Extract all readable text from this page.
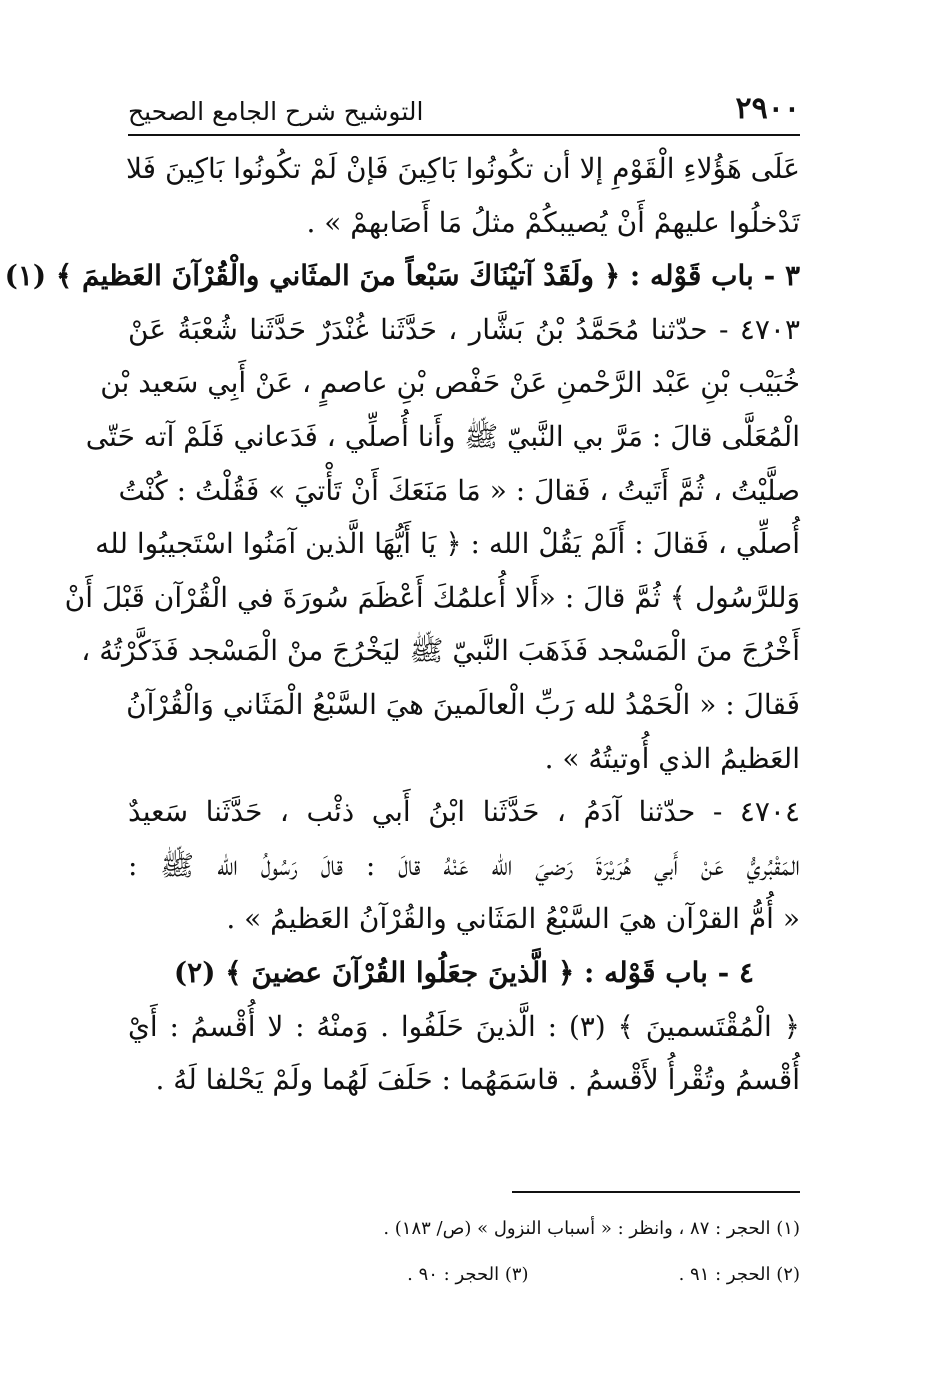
٢٩٠٠
التوشيح شرح الجامع الصحيح
عَلَى هَؤُلاءِ الْقَوْمِ إلا أن تكُونُوا بَاكِينَ فَإنْ لَمْ تكُونُوا بَاكِينَ فَلا
تَدْخلُوا عليهمْ أَنْ يُصيبكُمْ مثلُ مَا أَصَابهمْ » .
٣ - باب قَوْله : ﴿ ولَقَدْ آتيْنَاكَ سَبْعاً منَ المثَاني والْقُرْآنَ العَظيمَ ﴾ (١)
٤٧٠٣ - حدّثنا مُحَمَّدُ بْنُ بَشَّار ، حَدَّثَنا غُنْدَرٌ حَدَّثَنا شُعْبَةُ عَنْ
خُبَيْب بْنِ عَبْد الرَّحْمنِ عَنْ حَفْص بْنِ عاصمٍ ، عَنْ أَبِي سَعيد بْن
الْمُعَلَّى قالَ : مَرَّ بي النَّبيّ ﷺ وأَنا أُصلِّي ، فَدَعاني فَلَمْ آته حَتّى
صلَّيْتُ ، ثُمَّ أَتَيتُ ، فَقالَ : « مَا مَنَعَكَ أَنْ تَأْتيَ » فَقُلْتُ : كُنْتُ
أُصلِّي ، فَقالَ : أَلَمْ يَقُلْ الله : ﴿ يَا أَيُّهَا الَّذين آمَنُوا اسْتَجيبُوا لله
وَللرَّسُول ﴾ ثُمَّ قالَ : «أَلا أُعلمُكَ أَعْظَمَ سُورَةَ في الْقُرْآن قَبْلَ أَنْ
أَخْرُجَ منَ الْمَسْجد فَذَهَبَ النَّبيّ ﷺ ليَخْرُجَ منْ الْمَسْجد فَذَكَّرْتُهُ ،
فَقالَ : « الْحَمْدُ لله رَبِّ الْعالَمينَ هيَ السَّبْعُ الْمَثَاني وَالْقُرْآنُ
العَظيمُ الذي أُوتيتُهُ » .
٤٧٠٤ - حدّثنا آدَمُ ، حَدَّثَنا ابْنُ أَبي ذئْب ، حَدَّثَنا سَعيدٌ
المَقْبُريُّ عَنْ أَبي هُرَيْرَةَ رَضيَ الله عَنْهُ قالَ : قالَ رَسُولُ الله ﷺ :
« أُمُّ القرْآن هيَ السَّبْعُ المَثَاني والقُرْآنُ العَظيمُ » .
٤ - باب قَوْله : ﴿ الَّذينَ جعَلُوا القُرْآنَ عضينَ ﴾ (٢)
﴿ الْمُقْتَسمينَ ﴾ (٣) : الَّذينَ حَلَفُوا . وَمنْهُ : لا أُقْسمُ : أَيْ
أُقْسمُ وتُقْرأُ لأَقْسمُ . قاسَمَهُما : حَلَفَ لَهُما ولَمْ يَحْلفا لَهُ .
(١) الحجر : ٨٧ ، وانظر : « أسباب النزول » (ص/ ١٨٣) .
(٢) الحجر : ٩١ .
(٣) الحجر : ٩٠ .
